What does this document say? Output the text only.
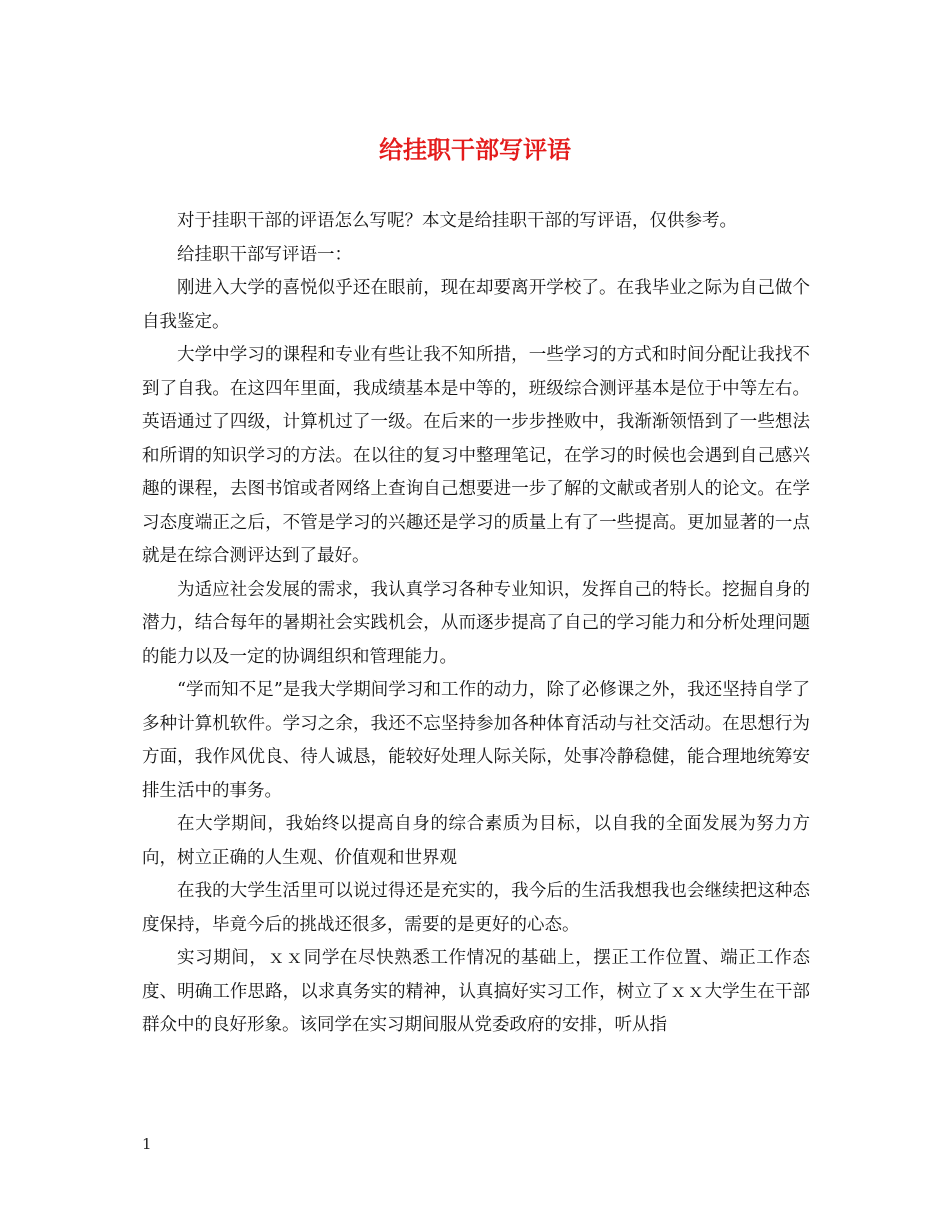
给挂职干部写评语

对于挂职干部的评语怎么写呢？本文是给挂职干部的写评语，仅供参考。

给挂职干部写评语一：

刚进入大学的喜悦似乎还在眼前，现在却要离开学校了。在我毕业之际为自己做个自我鉴定。

大学中学习的课程和专业有些让我不知所措，一些学习的方式和时间分配让我找不到了自我。在这四年里面，我成绩基本是中等的，班级综合测评基本是位于中等左右。英语通过了四级，计算机过了一级。在后来的一步步挫败中，我渐渐领悟到了一些想法和所谓的知识学习的方法。在以往的复习中整理笔记，在学习的时候也会遇到自己感兴趣的课程，去图书馆或者网络上查询自己想要进一步了解的文献或者别人的论文。在学习态度端正之后，不管是学习的兴趣还是学习的质量上有了一些提高。更加显著的一点就是在综合测评达到了最好。

为适应社会发展的需求，我认真学习各种专业知识，发挥自己的特长。挖掘自身的潜力，结合每年的暑期社会实践机会，从而逐步提高了自己的学习能力和分析处理问题的能力以及一定的协调组织和管理能力。

“学而知不足”是我大学期间学习和工作的动力，除了必修课之外，我还坚持自学了多种计算机软件。学习之余，我还不忘坚持参加各种体育活动与社交活动。在思想行为方面，我作风优良、待人诚恳，能较好处理人际关际，处事冷静稳健，能合理地统筹安排生活中的事务。

在大学期间，我始终以提高自身的综合素质为目标，以自我的全面发展为努力方向，树立正确的人生观、价值观和世界观

在我的大学生活里可以说过得还是充实的，我今后的生活我想我也会继续把这种态度保持，毕竟今后的挑战还很多，需要的是更好的心态。

实习期间，ｘｘ同学在尽快熟悉工作情况的基础上，摆正工作位置、端正工作态度、明确工作思路，以求真务实的精神，认真搞好实习工作，树立了ｘｘ大学生在干部群众中的良好形象。该同学在实习期间服从党委政府的安排，听从指

1
